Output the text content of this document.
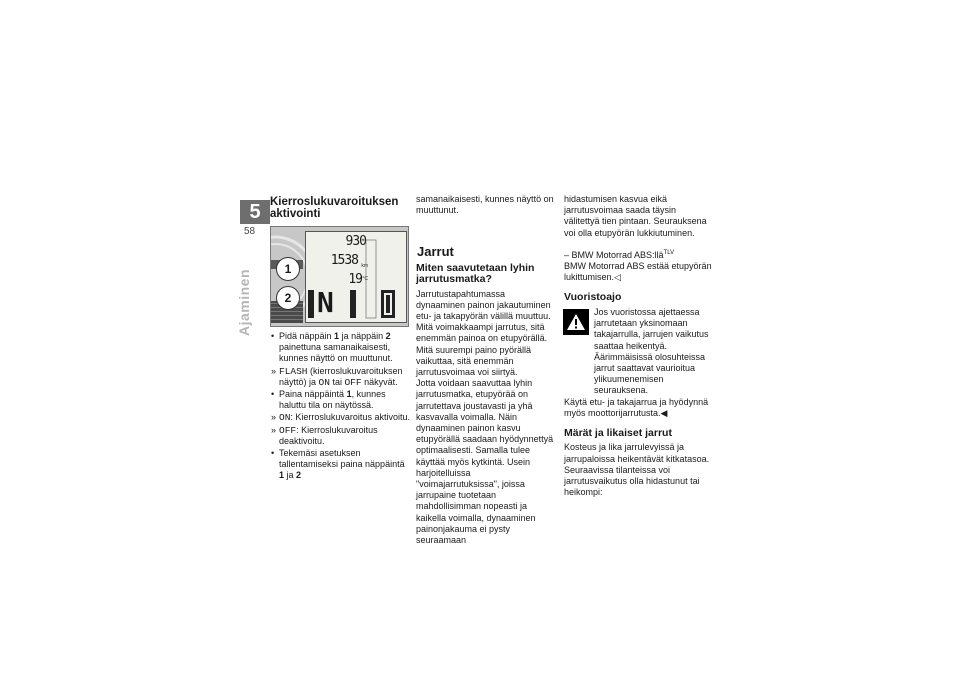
5
58
Ajaminen
Kierroslukuvaroituksen aktivointi
930
1538 km
19 °C
N
1
2
• Pidä näppäin 1 ja näppäin 2 painettuna samanaikaisesti, kunnes näyttö on muuttunut.
» FLASH (kierroslukuvaroituksen näyttö) ja ON tai OFF näkyvät.
• Paina näppäintä 1, kunnes haluttu tila on näytössä.
» ON: Kierroslukuvaroitus aktivoitu.
» OFF: Kierroslukuvaroitus deaktivoitu.
• Tekemäsi asetuksen tallentamiseksi paina näppäintä 1 ja 2

samanaikaisesti, kunnes näyttö on muuttunut.

Jarrut
Miten saavutetaan lyhin jarrutusmatka?

Jarrutustapahtumassa dynaaminen painon jakautuminen etu- ja takapyörän välillä muuttuu. Mitä voimakkaampi jarrutus, sitä enemmän painoa on etupyörällä. Mitä suurempi paino pyörällä vaikuttaa, sitä enemmän jarrutusvoimaa voi siirtyä.

Jotta voidaan saavuttaa lyhin jarrutusmatka, etupyörää on jarrutettava joustavasti ja yhä kasvavalla voimalla. Näin dynaaminen painon kasvu etupyörällä saadaan hyödynnettyä optimaalisesti. Samalla tulee käyttää myös kytkintä. Usein harjoitelluissa "voimajarrutuksissa", joissa jarrupaine tuotetaan mahdollisimman nopeasti ja kaikella voimalla, dynaaminen painonjakauma ei pysty seuraamaan

hidastumisen kasvua eikä jarrutusvoimaa saada täysin välitettyä tien pintaan. Seurauksena voi olla etupyörän lukkiutuminen.

– BMW Motorrad ABS:llä$^{TLV}$

BMW Motorrad ABS estää etupyörän lukittumisen.◁

Vuoristoajo

Jos vuoristossa ajettaessa jarrutetaan yksinomaan takajarrulla, jarrujen vaikutus saattaa heikentyä. Äärimmäisissä olosuhteissa jarrut saattavat vaurioitua ylikuumenemisen seurauksena.

Käytä etu- ja takajarrua ja hyödynnä myös moottorijarrutusta.◀

Märät ja likaiset jarrut

Kosteus ja lika jarrulevyissä ja jarrupaloissa heikentävät kitkatasoa. Seuraavissa tilanteissa voi jarrutusvaikutus olla hidastunut tai heikompi:
